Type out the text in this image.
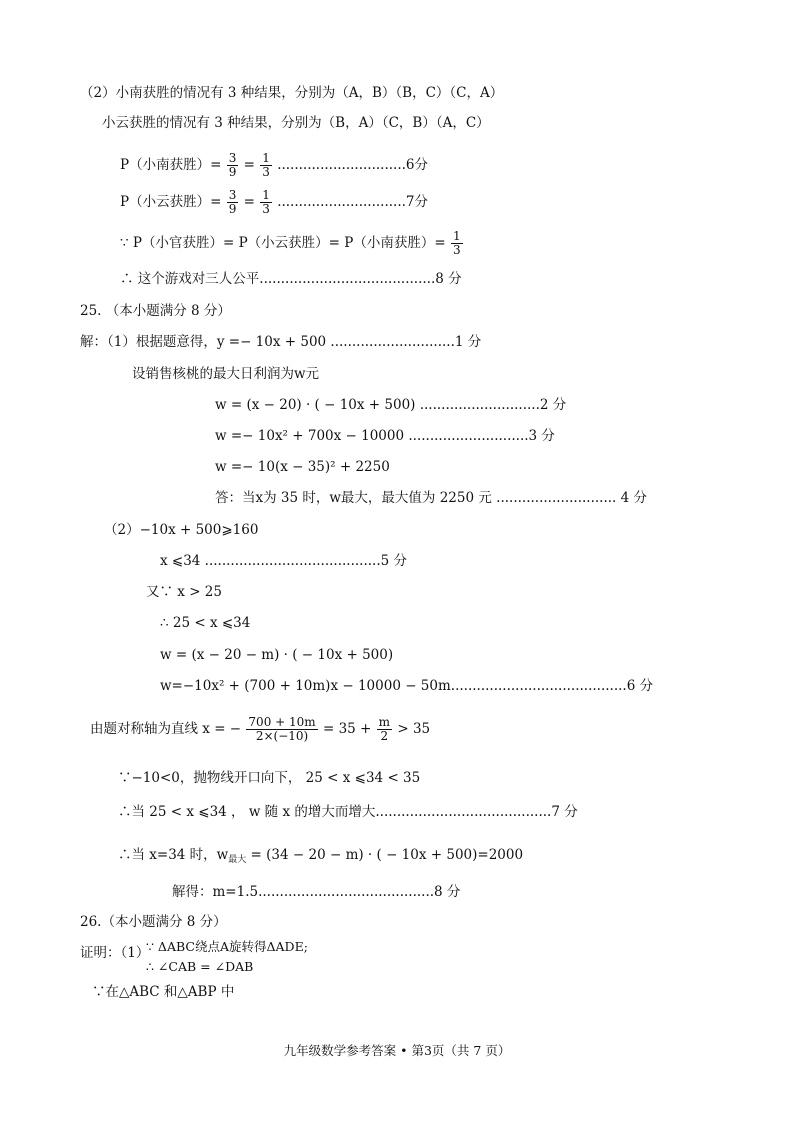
（2）小南获胜的情况有 3 种结果，分别为（A，B）（B，C）（C，A）
小云获胜的情况有 3 种结果，分别为（B，A）（C，B）（A，C）
P（小南获胜）= $\frac{3}{9} = \frac{1}{3} ..............................6$分
P（小云获胜）= $\frac{3}{9} = \frac{1}{3} ..............................7$分
∵ P（小官获胜）= P（小云获胜）= P（小南获胜）= $\frac{1}{3}$
∴ 这个游戏对三人公平.........................................8 分
25. （本小题满分 8 分）
解：（1）根据题意得，y =− 10x + 500 .............................1 分
设销售核桃的最大日利润为w元
w = (x − 20) · ( − 10x + 500) ............................2 分
w =− 10x² + 700x − 10000 ............................3 分
w =− 10(x − 35)² + 2250
答：当x为 35 时，w最大，最大值为 2250 元 ............................ 4 分
（2）−10x + 500⩾160
x ⩽34 .........................................5 分
又∵ x > 25
∴ 25 < x ⩽34
w = (x − 20 − m) · ( − 10x + 500)
w=−10x² + (700 + 10m)x − 10000 − 50m.........................................6 分
由题对称轴为直线 x = − $\frac{700 + 10m}{2\times(-10)} = 35 + \frac{m}{2} > 35$
∵−10<0，抛物线开口向下， 25 < x ⩽34 < 35
∴当 25 < x ⩽34 ， w 随 x 的增大而增大.........................................7 分
∴当 x=34 时，$w_{最大} = (34 - 20 - m)$ · ( − 10x + 500)=2000
解得：m=1.5.........................................8 分
26.（本小题满分 8 分）
∵ ΔABC绕点A旋转得ΔADE;
证明：（1）
∴ ∠CAB = ∠DAB
∵在△ABC 和△ABP 中
九年级数学参考答案 • 第3页（共 7 页）
